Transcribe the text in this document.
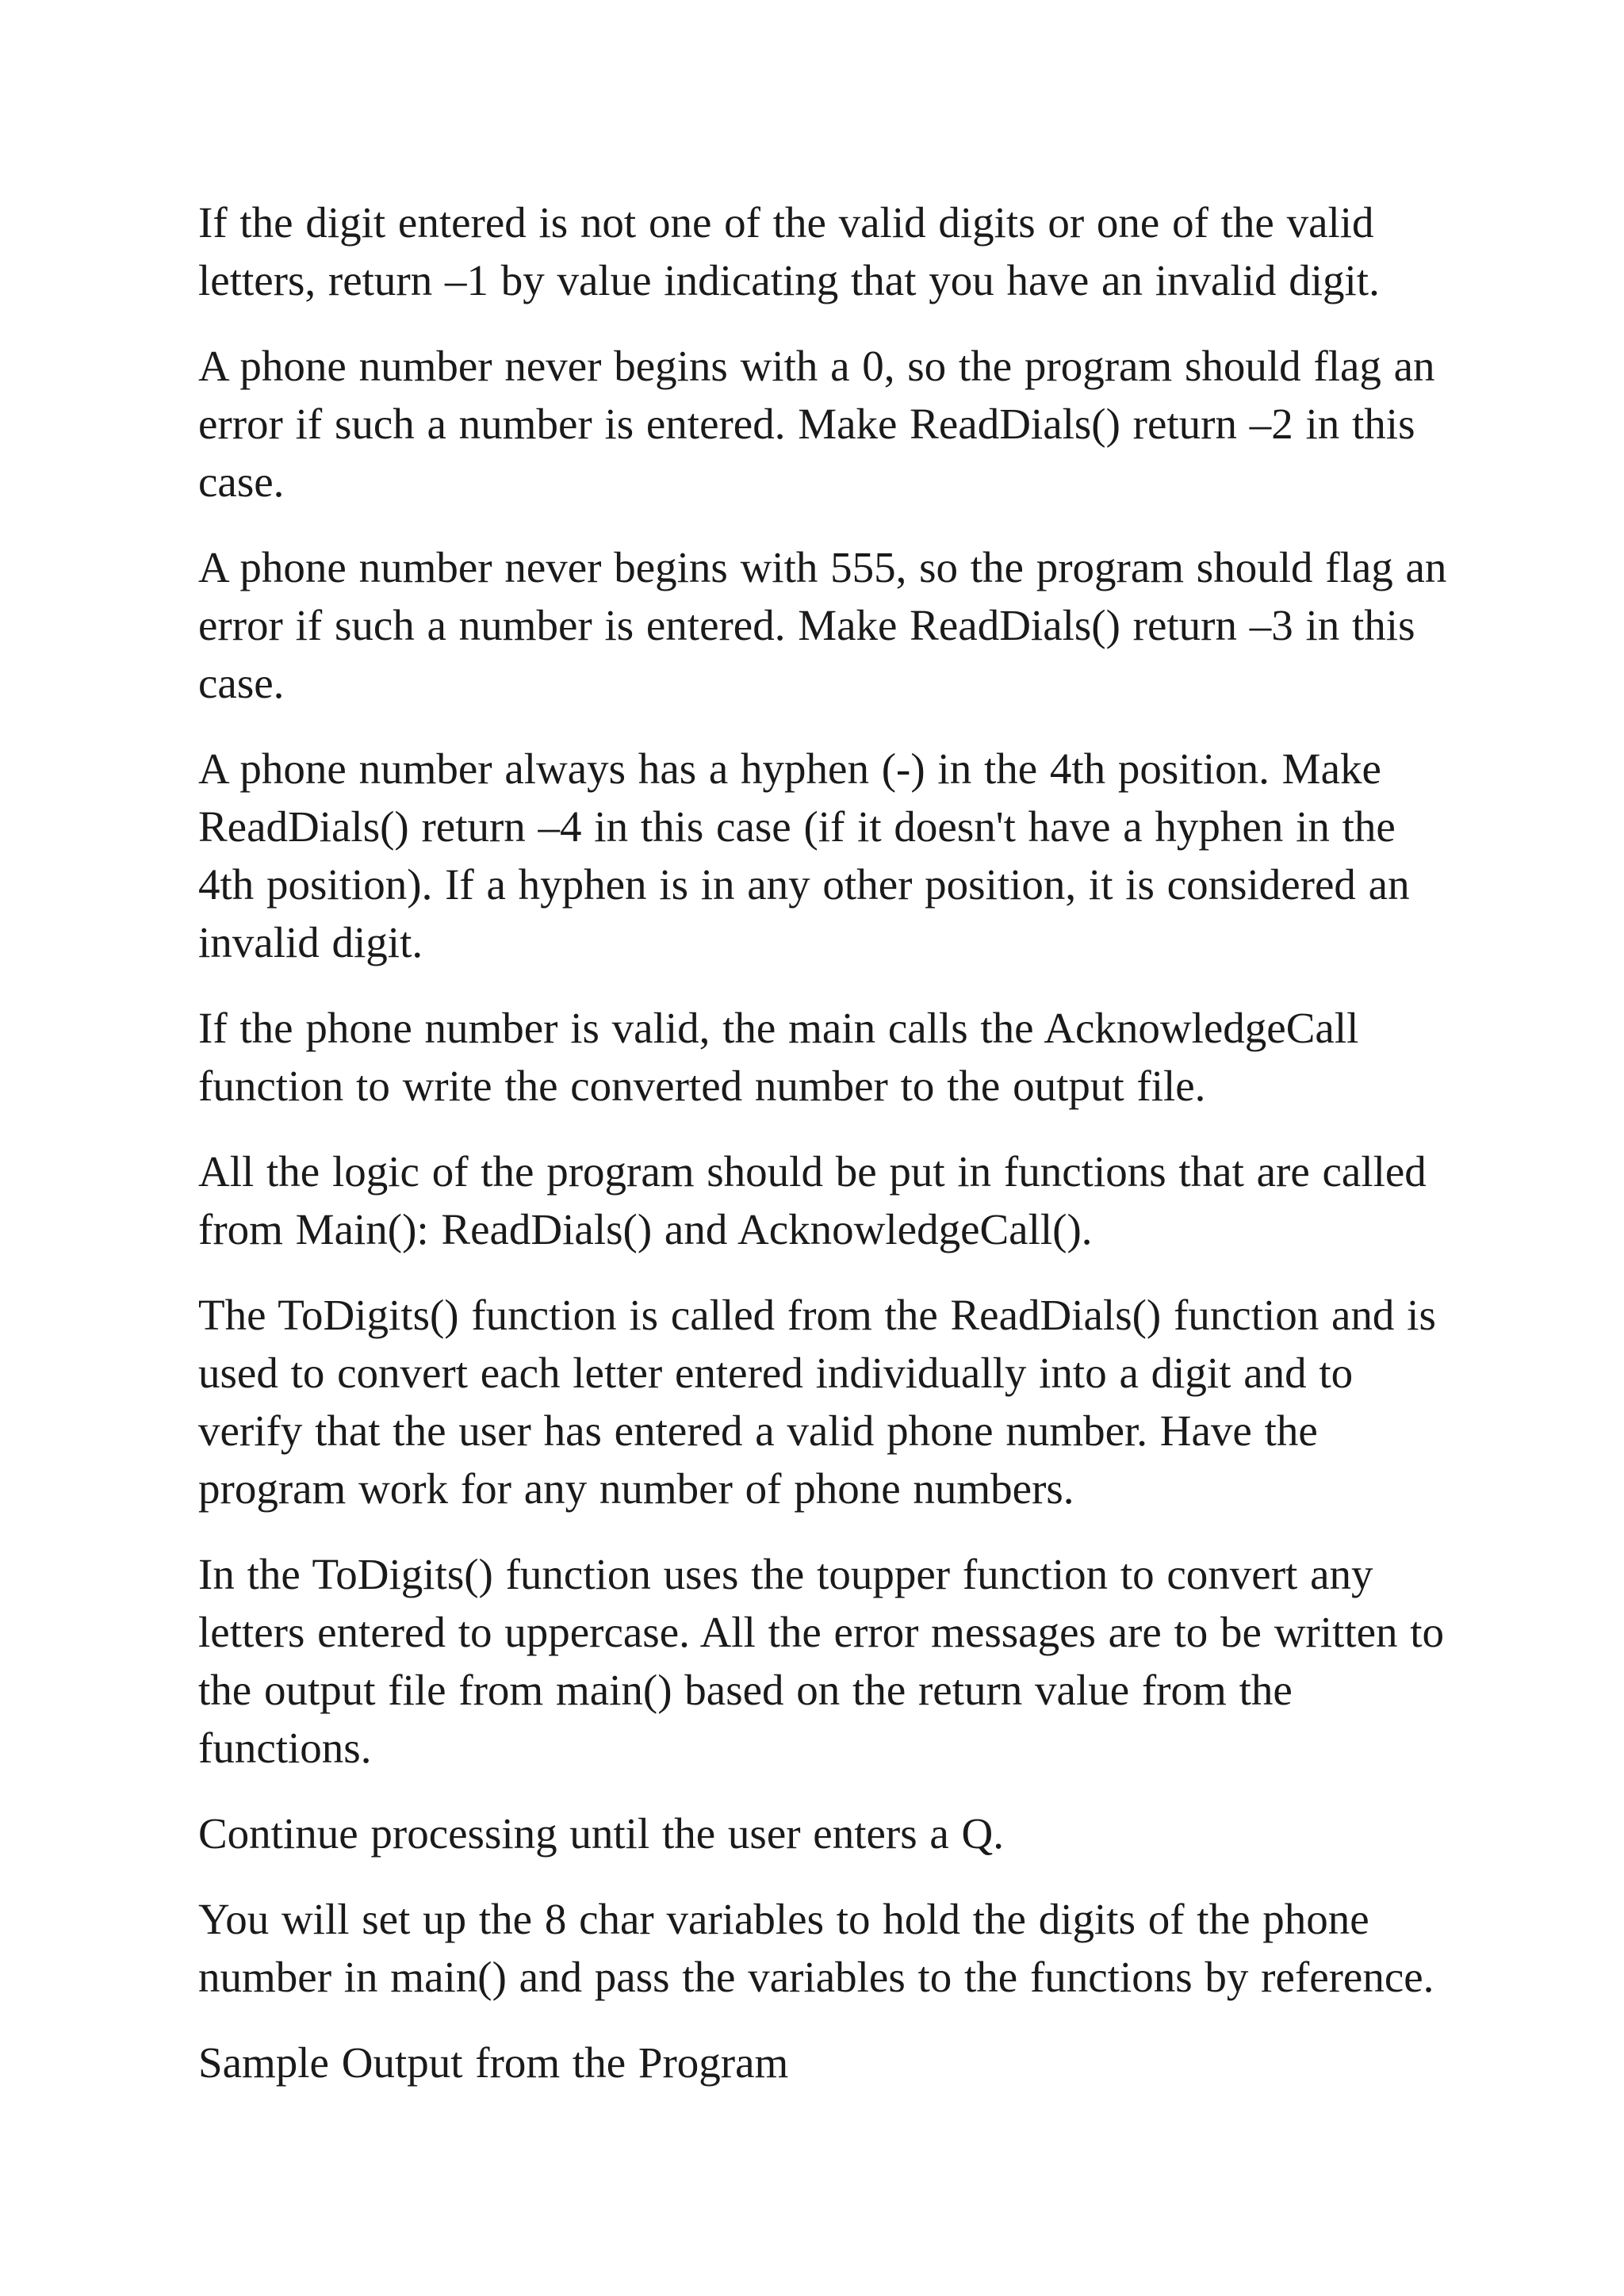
If the digit entered is not one of the valid digits or one of the valid letters, return –1 by value indicating that you have an invalid digit.

A phone number never begins with a 0, so the program should flag an error if such a number is entered. Make ReadDials() return –2 in this case.

A phone number never begins with 555, so the program should flag an error if such a number is entered. Make ReadDials() return –3 in this case.

A phone number always has a hyphen (-) in the 4th position. Make ReadDials() return –4 in this case (if it doesn't have a hyphen in the 4th position). If a hyphen is in any other position, it is considered an invalid digit.

If the phone number is valid, the main calls the AcknowledgeCall function to write the converted number to the output file.

All the logic of the program should be put in functions that are called from Main(): ReadDials() and AcknowledgeCall().

The ToDigits() function is called from the ReadDials() function and is used to convert each letter entered individually into a digit and to verify that the user has entered a valid phone number. Have the program work for any number of phone numbers.

In the ToDigits() function uses the toupper function to convert any letters entered to uppercase. All the error messages are to be written to the output file from main() based on the return value from the functions.

Continue processing until the user enters a Q.

You will set up the 8 char variables to hold the digits of the phone number in main() and pass the variables to the functions by reference.

Sample Output from the Program
